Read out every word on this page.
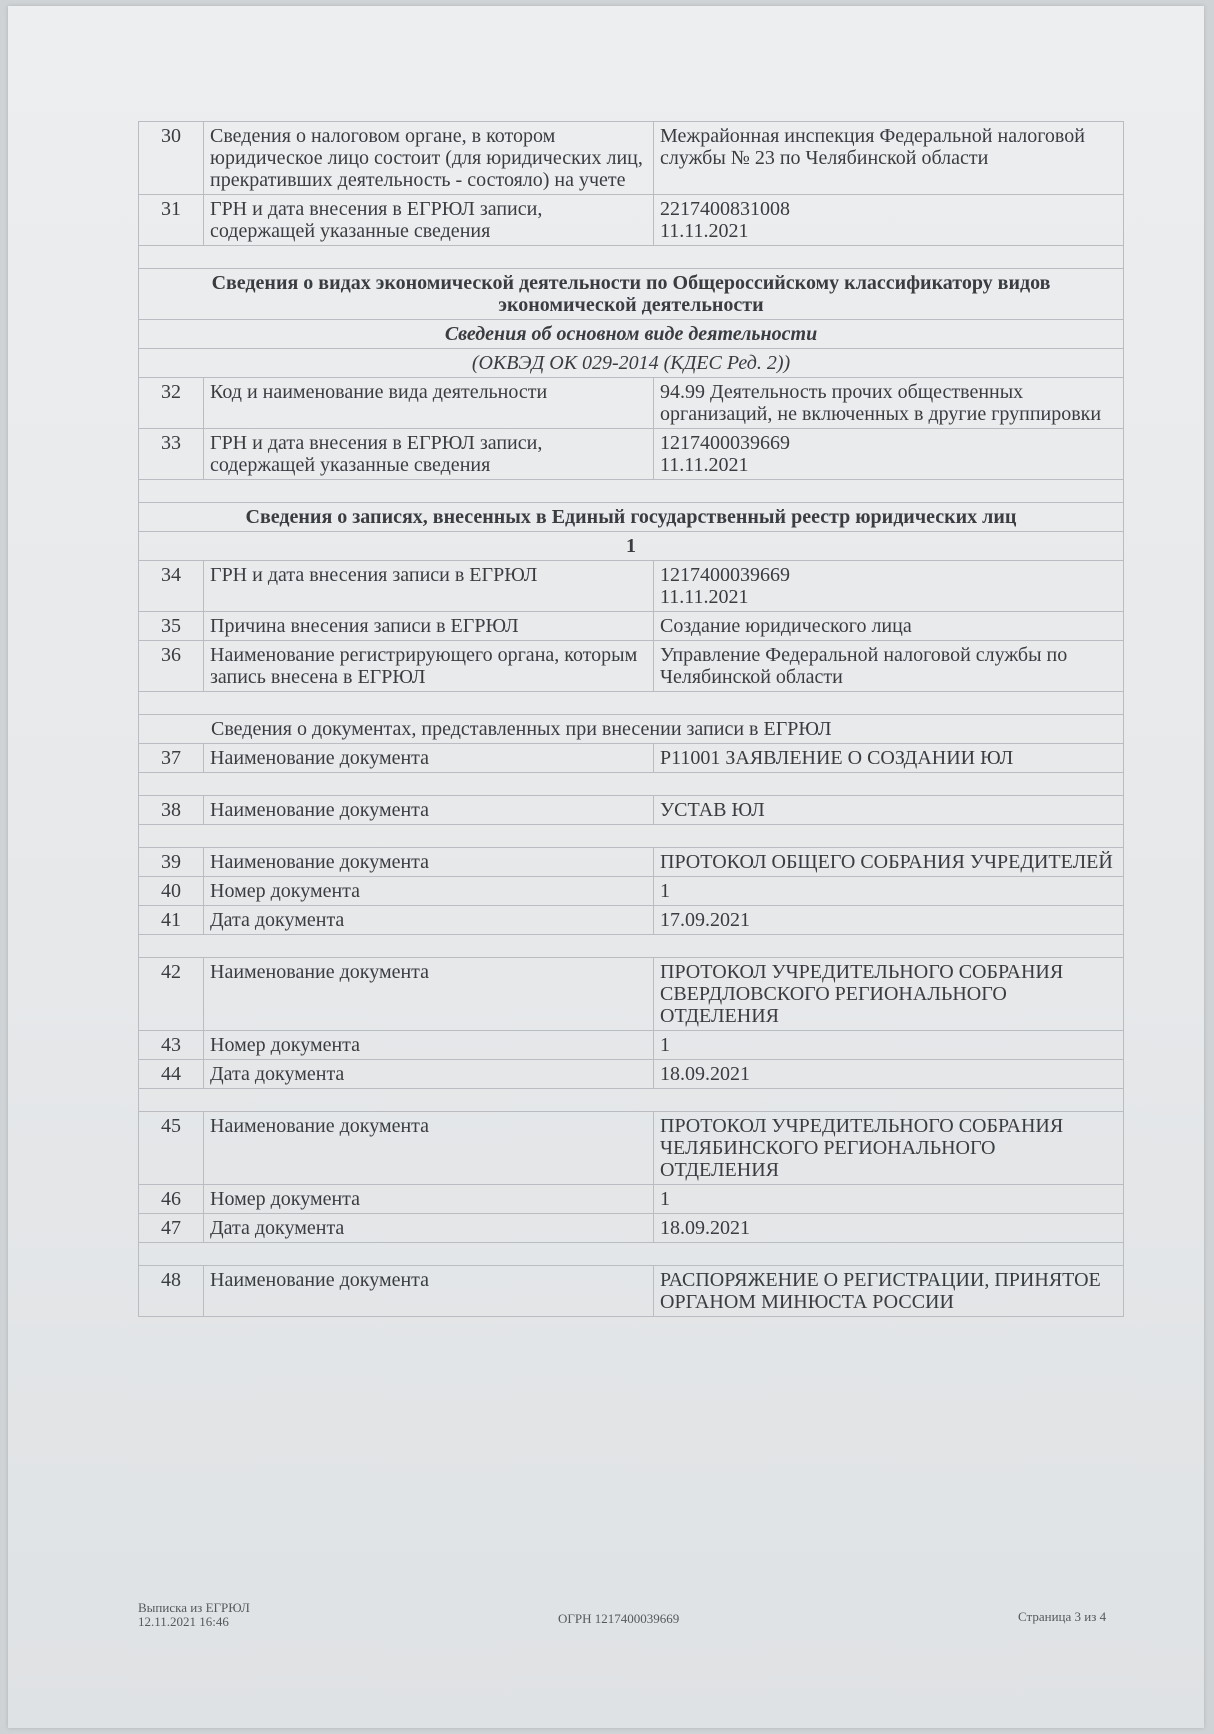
30	Сведения о налоговом органе, в котором юридическое лицо состоит (для юридических лиц, прекративших деятельность - состояло) на учете	Межрайонная инспекция Федеральной налоговой службы № 23 по Челябинской области
31	ГРН и дата внесения в ЕГРЮЛ записи, содержащей указанные сведения	2217400831008
11.11.2021

Сведения о видах экономической деятельности по Общероссийскому классификатору видов экономической деятельности		
Сведения об основном виде деятельности		
(ОКВЭД ОК 029-2014 (КДЕС Ред. 2))		
32	Код и наименование вида деятельности	94.99 Деятельность прочих общественных организаций, не включенных в другие группировки
33	ГРН и дата внесения в ЕГРЮЛ записи, содержащей указанные сведения	1217400039669
11.11.2021

Сведения о записях, внесенных в Единый государственный реестр юридических лиц		
1		
34	ГРН и дата внесения записи в ЕГРЮЛ	1217400039669
11.11.2021
35	Причина внесения записи в ЕГРЮЛ	Создание юридического лица
36	Наименование регистрирующего органа, которым запись внесена в ЕГРЮЛ	Управление Федеральной налоговой службы по Челябинской области

Сведения о документах, представленных при внесении записи в ЕГРЮЛ		
37	Наименование документа	Р11001 ЗАЯВЛЕНИЕ О СОЗДАНИИ ЮЛ

38	Наименование документа	УСТАВ ЮЛ

39	Наименование документа	ПРОТОКОЛ ОБЩЕГО СОБРАНИЯ УЧРЕДИТЕЛЕЙ
40	Номер документа	1
41	Дата документа	17.09.2021

42	Наименование документа	ПРОТОКОЛ УЧРЕДИТЕЛЬНОГО СОБРАНИЯ СВЕРДЛОВСКОГО РЕГИОНАЛЬНОГО ОТДЕЛЕНИЯ
43	Номер документа	1
44	Дата документа	18.09.2021

45	Наименование документа	ПРОТОКОЛ УЧРЕДИТЕЛЬНОГО СОБРАНИЯ ЧЕЛЯБИНСКОГО РЕГИОНАЛЬНОГО ОТДЕЛЕНИЯ
46	Номер документа	1
47	Дата документа	18.09.2021

48	Наименование документа	РАСПОРЯЖЕНИЕ О РЕГИСТРАЦИИ, ПРИНЯТОЕ ОРГАНОМ МИНЮСТА РОССИИ
Выписка из ЕГРЮЛ
12.11.2021 16:46	ОГРН 1217400039669	Страница 3 из 4
